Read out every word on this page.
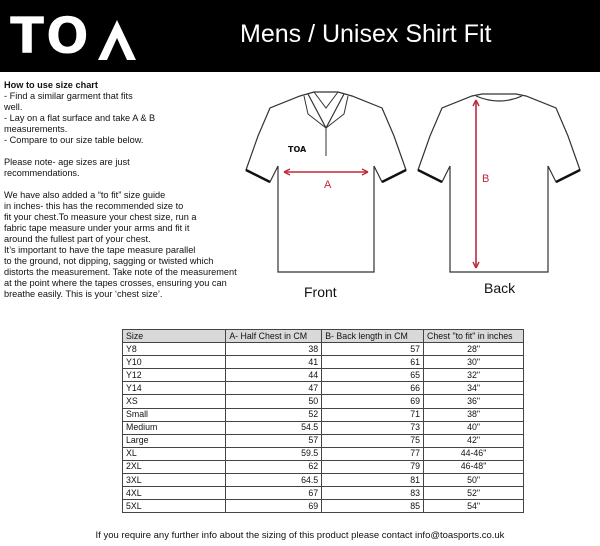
TO	Mens / Unisex Shirt Fit

How to use size chart

- Find a similar garment that fits

well.

- Lay on a flat surface and take A & B

measurements.

- Compare to our size table below.

Please note- age sizes are just

recommendations.

We have also added a “to fit” size guide

in inches- this has the recommended size to

fit your chest.To measure your chest size, run a

fabric tape measure under your arms and fit it

around the fullest part of your chest.

It’s important to have the tape measure parallel

to the ground, not dipping, sagging or twisted which

distorts the measurement. Take note of the measurement

at the point where the tapes crosses, ensuring you can

breathe easily. This is your ‘chest size’.

TOA
A
Front
B
Back
Size	A- Half Chest in CM	B- Back length in CM	Chest "to fit" in inches
Y8	38	57	28"
Y10	41	61	30"
Y12	44	65	32"
Y14	47	66	34"
XS	50	69	36"
Small	52	71	38"
Medium	54.5	73	40"
Large	57	75	42"
XL	59.5	77	44-46"
2XL	62	79	46-48"
3XL	64.5	81	50"
4XL	67	83	52"
5XL	69	85	54"
If you require any further info about the sizing of this product please contact info@toasports.co.uk
